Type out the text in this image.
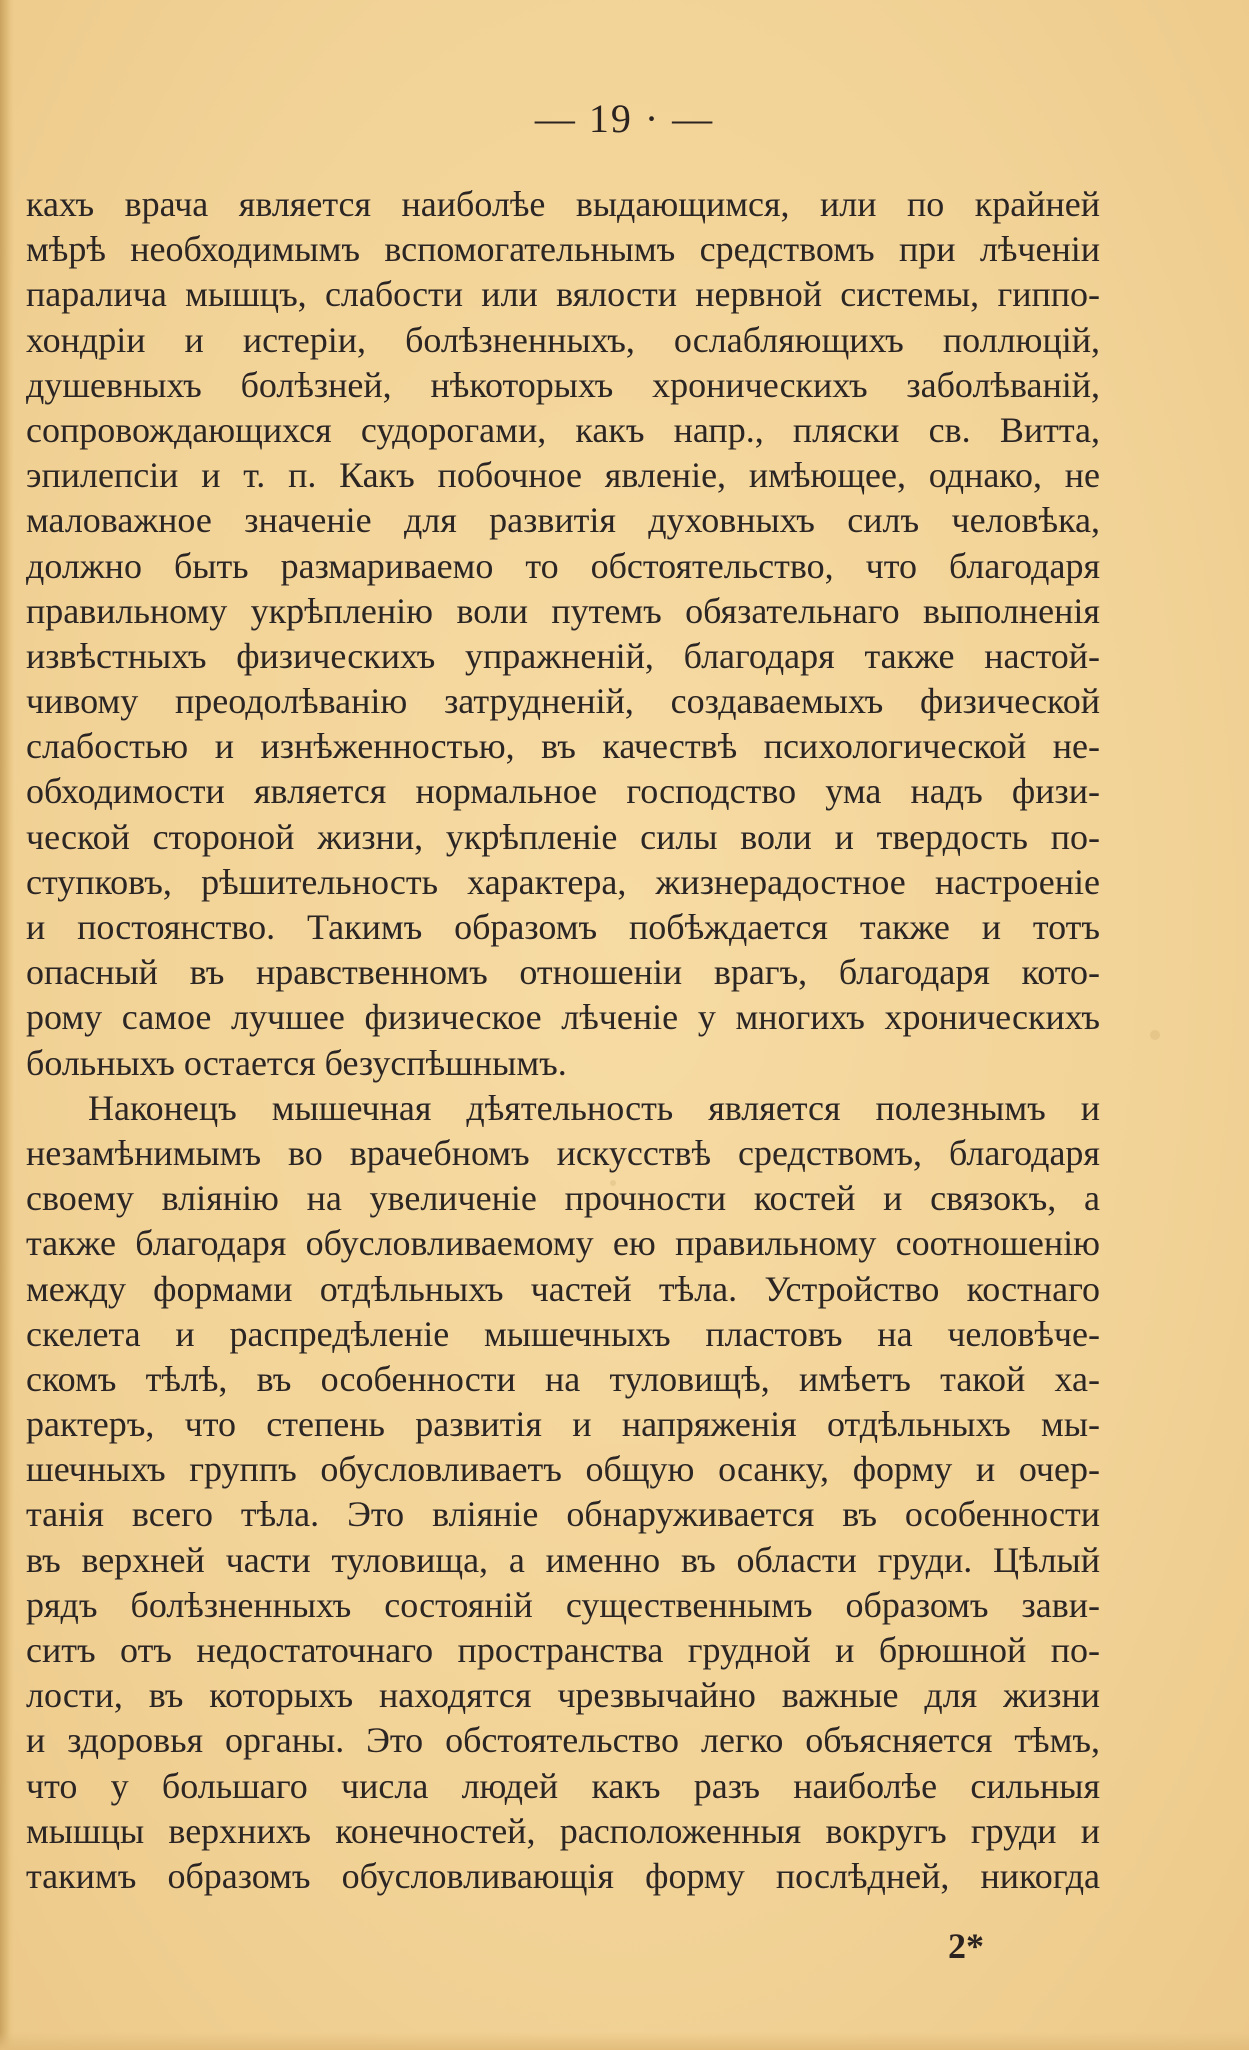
— 19 · —
кахъ врача является наиболѣе выдающимся, или по крайней
мѣрѣ необходимымъ вспомогательнымъ средствомъ при лѣченіи
паралича мышцъ, слабости или вялости нервной системы, гиппо-
хондріи и истеріи, болѣзненныхъ, ослабляющихъ поллюцій,
душевныхъ болѣзней, нѣкоторыхъ хроническихъ заболѣваній,
сопровождающихся судорогами, какъ напр., пляски св. Витта,
эпилепсіи и т. п. Какъ побочное явленіе, имѣющее, однако, не
маловажное значеніе для развитія духовныхъ силъ человѣка,
должно быть размариваемо то обстоятельство, что благодаря
правильному укрѣпленію воли путемъ обязательнаго выполненія
извѣстныхъ физическихъ упражненій, благодаря также настой-
чивому преодолѣванію затрудненій, создаваемыхъ физической
слабостью и изнѣженностью, въ качествѣ психологической не-
обходимости является нормальное господство ума надъ физи-
ческой стороной жизни, укрѣпленіе силы воли и твердость по-
ступковъ, рѣшительность характера, жизнерадостное настроеніе
и постоянство. Такимъ образомъ побѣждается также и тотъ
опасный въ нравственномъ отношеніи врагъ, благодаря кото-
рому самое лучшее физическое лѣченіе у многихъ хроническихъ
больныхъ остается безуспѣшнымъ.
Наконецъ мышечная дѣятельность является полезнымъ и
незамѣнимымъ во врачебномъ искусствѣ средствомъ, благодаря
своему вліянію на увеличеніе прочности костей и связокъ, а
также благодаря обусловливаемому ею правильному соотношенію
между формами отдѣльныхъ частей тѣла. Устройство костнаго
скелета и распредѣленіе мышечныхъ пластовъ на человѣче-
скомъ тѣлѣ, въ особенности на туловищѣ, имѣетъ такой ха-
рактеръ, что степень развитія и напряженія отдѣльныхъ мы-
шечныхъ группъ обусловливаетъ общую осанку, форму и очер-
танія всего тѣла. Это вліяніе обнаруживается въ особенности
въ верхней части туловища, а именно въ области груди. Цѣлый
рядъ болѣзненныхъ состояній существеннымъ образомъ зави-
ситъ отъ недостаточнаго пространства грудной и брюшной по-
лости, въ которыхъ находятся чрезвычайно важные для жизни
и здоровья органы. Это обстоятельство легко объясняется тѣмъ,
что у большаго числа людей какъ разъ наиболѣе сильныя
мышцы верхнихъ конечностей, расположенныя вокругъ груди и
такимъ образомъ обусловливающія форму послѣдней, никогда
2*
